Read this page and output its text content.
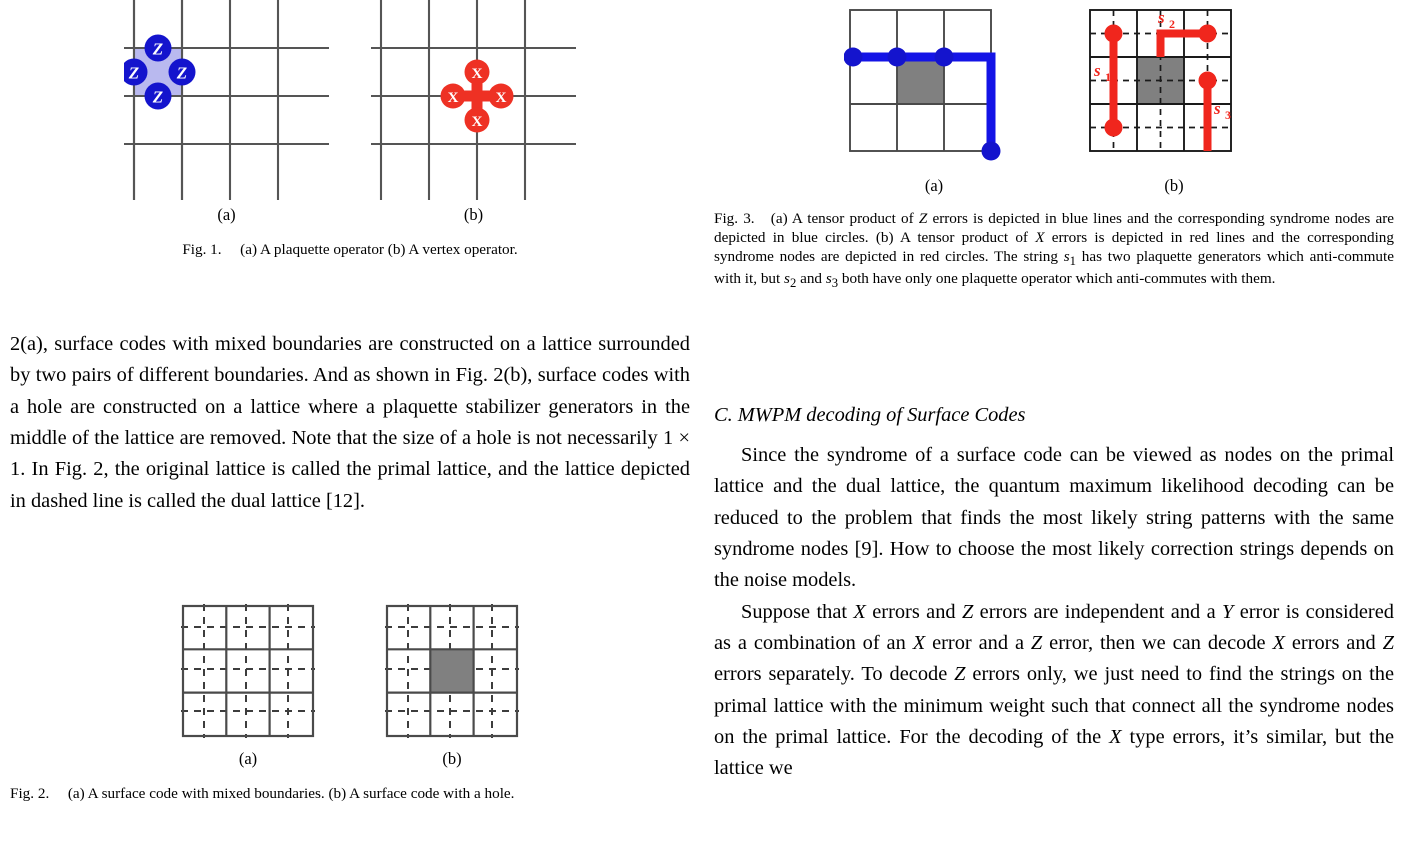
Z
Z Z
Z
(a)
X
X X
X
(b)
Fig. 1. (a) A plaquette operator (b) A vertex operator.

2(a), surface codes with mixed boundaries are constructed on a lattice surrounded by two pairs of different boundaries. And as shown in Fig. 2(b), surface codes with a hole are constructed on a lattice where a plaquette stabilizer generators in the middle of the lattice are removed. Note that the size of a hole is not necessarily 1 × 1. In Fig. 2, the original lattice is called the primal lattice, and the lattice depicted in dashed line is called the dual lattice [12].

(a)	(b)
Fig. 2. (a) A surface code with mixed boundaries. (b) A surface code with a hole.
(a)
s 1
s 2
s 3
(b)
Fig. 3. (a) A tensor product of Z errors is depicted in blue lines and the corresponding syndrome nodes are depicted in blue circles. (b) A tensor product of X errors is depicted in red lines and the corresponding syndrome nodes are depicted in red circles. The string $s_1$ has two plaquette generators which anti-commute with it, but $s_2$ and $s_3$ both have only one plaquette operator which anti-commutes with them.
C. MWPM decoding of Surface Codes

Since the syndrome of a surface code can be viewed as nodes on the primal lattice and the dual lattice, the quantum maximum likelihood decoding can be reduced to the problem that finds the most likely string patterns with the same syndrome nodes [9]. How to choose the most likely correction strings depends on the noise models.

Suppose that X errors and Z errors are independent and a Y error is considered as a combination of an X error and a Z error, then we can decode X errors and Z errors separately. To decode Z errors only, we just need to find the strings on the primal lattice with the minimum weight such that connect all the syndrome nodes on the primal lattice. For the decoding of the X type errors, it’s similar, but the lattice we
